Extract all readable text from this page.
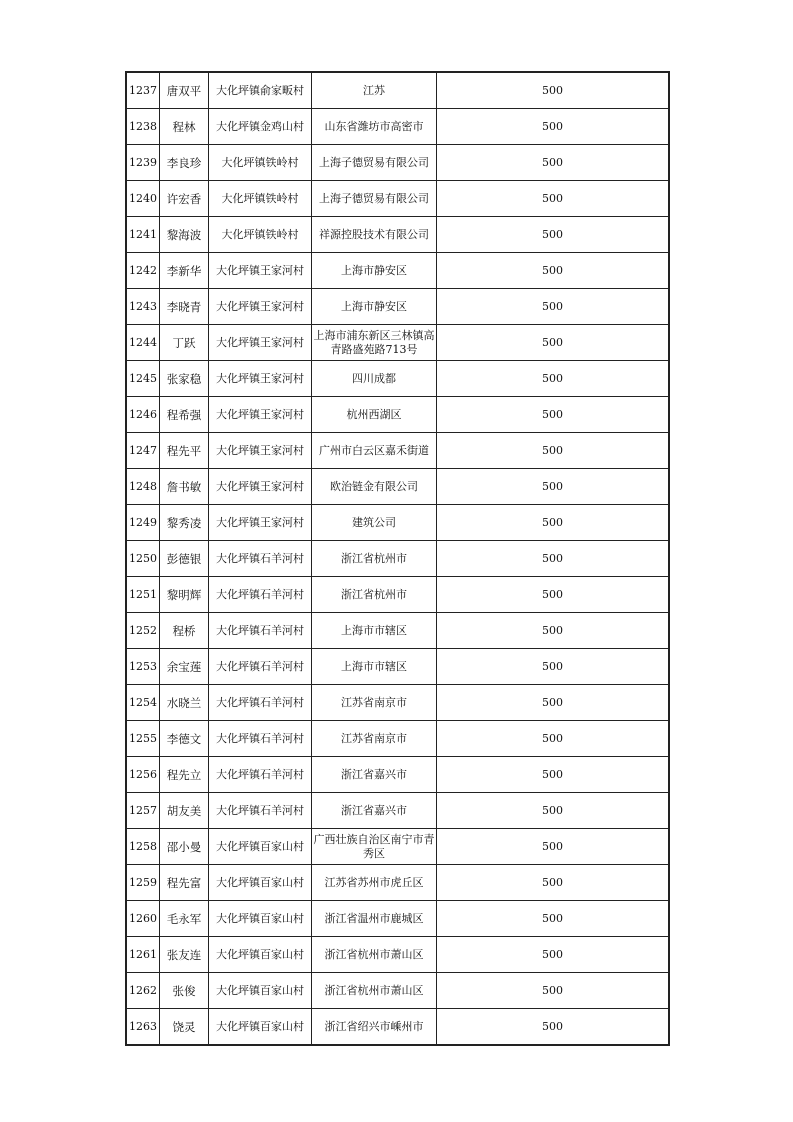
1237	唐双平	大化坪镇俞家畈村	江苏	500
1238	程林	大化坪镇金鸡山村	山东省潍坊市高密市	500
1239	李良珍	大化坪镇铁岭村	上海子德贸易有限公司	500
1240	许宏香	大化坪镇铁岭村	上海子德贸易有限公司	500
1241	黎海波	大化坪镇铁岭村	祥源控股技术有限公司	500
1242	李新华	大化坪镇王家河村	上海市静安区	500
1243	李晓青	大化坪镇王家河村	上海市静安区	500
1244	丁跃	大化坪镇王家河村	上海市浦东新区三林镇高青路盛苑路713号	500
1245	张家稳	大化坪镇王家河村	四川成都	500
1246	程希强	大化坪镇王家河村	杭州西湖区	500
1247	程先平	大化坪镇王家河村	广州市白云区嘉禾街道	500
1248	詹书敏	大化坪镇王家河村	欧治链金有限公司	500
1249	黎秀凌	大化坪镇王家河村	建筑公司	500
1250	彭德银	大化坪镇石羊河村	浙江省杭州市	500
1251	黎明辉	大化坪镇石羊河村	浙江省杭州市	500
1252	程桥	大化坪镇石羊河村	上海市市辖区	500
1253	余宝莲	大化坪镇石羊河村	上海市市辖区	500
1254	水晓兰	大化坪镇石羊河村	江苏省南京市	500
1255	李德文	大化坪镇石羊河村	江苏省南京市	500
1256	程先立	大化坪镇石羊河村	浙江省嘉兴市	500
1257	胡友美	大化坪镇石羊河村	浙江省嘉兴市	500
1258	邵小曼	大化坪镇百家山村	广西壮族自治区南宁市青秀区	500
1259	程先富	大化坪镇百家山村	江苏省苏州市虎丘区	500
1260	毛永军	大化坪镇百家山村	浙江省温州市鹿城区	500
1261	张友连	大化坪镇百家山村	浙江省杭州市萧山区	500
1262	张俊	大化坪镇百家山村	浙江省杭州市萧山区	500
1263	饶灵	大化坪镇百家山村	浙江省绍兴市嵊州市	500
